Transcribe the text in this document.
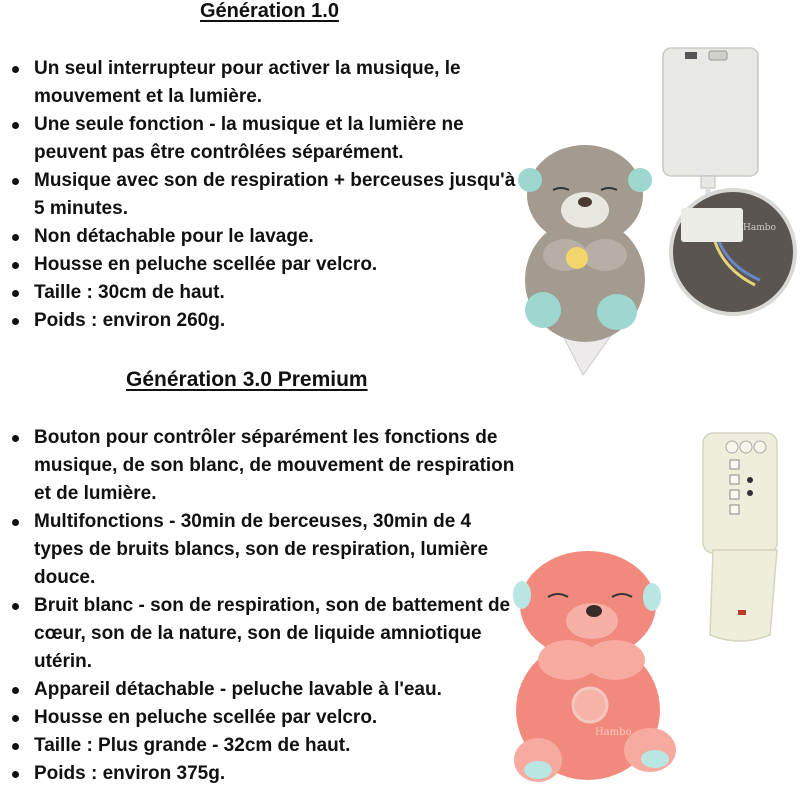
Génération 1.0
Un seul interrupteur pour activer la musique, le mouvement et la lumière.
Une seule fonction - la musique et la lumière ne peuvent pas être contrôlées séparément.
Musique avec son de respiration + berceuses jusqu'à 5 minutes.
Non détachable pour le lavage.
Housse en peluche scellée par velcro.
Taille : 30cm de haut.
Poids : environ 260g.
Hambo
Génération 3.0 Premium
Bouton pour contrôler séparément les fonctions de musique, de son blanc, de mouvement de respiration et de lumière.
Multifonctions - 30min de berceuses, 30min de 4 types de bruits blancs, son de respiration, lumière douce.
Bruit blanc - son de respiration, son de battement de cœur, son de la nature, son de liquide amniotique utérin.
Appareil détachable - peluche lavable à l'eau.
Housse en peluche scellée par velcro.
Taille : Plus grande - 32cm de haut.
Poids : environ 375g.
Hambo
